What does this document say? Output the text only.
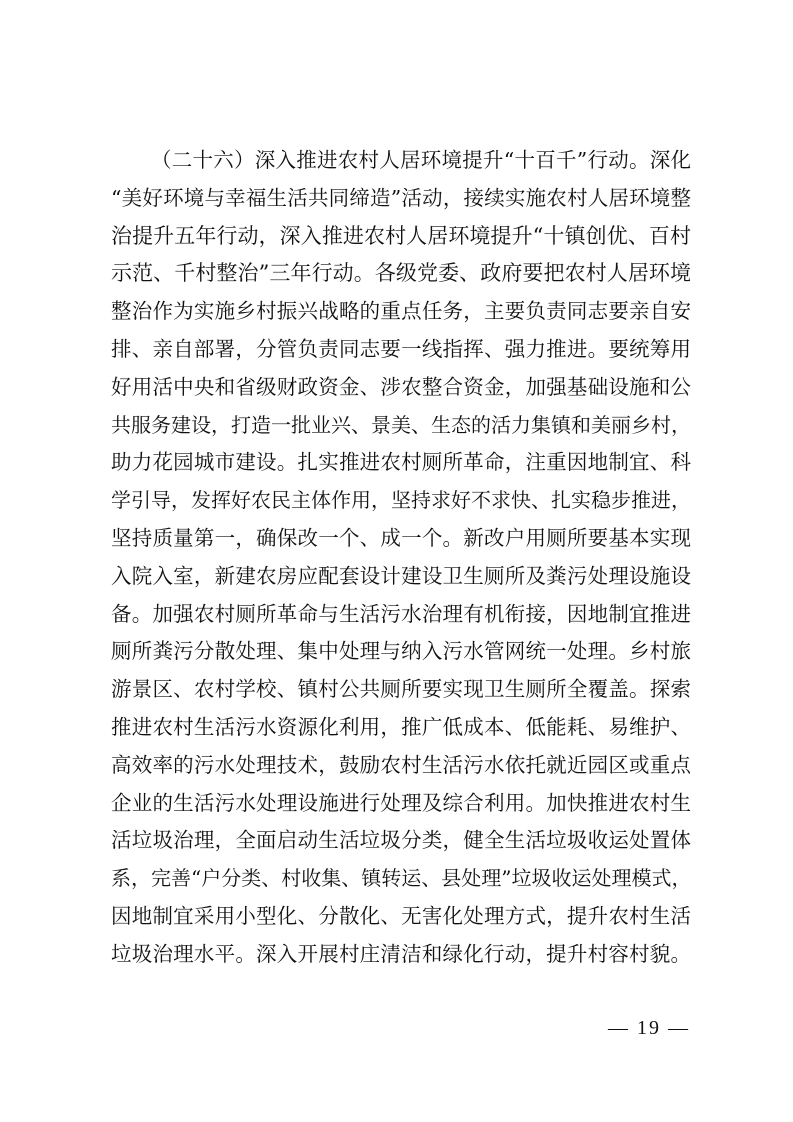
（二十六）深入推进农村人居环境提升“十百千”行动。深化
“美好环境与幸福生活共同缔造”活动，接续实施农村人居环境整
治提升五年行动，深入推进农村人居环境提升“十镇创优、百村
示范、千村整治”三年行动。各级党委、政府要把农村人居环境
整治作为实施乡村振兴战略的重点任务，主要负责同志要亲自安
排、亲自部署，分管负责同志要一线指挥、强力推进。要统筹用
好用活中央和省级财政资金、涉农整合资金，加强基础设施和公
共服务建设，打造一批业兴、景美、生态的活力集镇和美丽乡村，
助力花园城市建设。扎实推进农村厕所革命，注重因地制宜、科
学引导，发挥好农民主体作用，坚持求好不求快、扎实稳步推进，
坚持质量第一，确保改一个、成一个。新改户用厕所要基本实现
入院入室，新建农房应配套设计建设卫生厕所及粪污处理设施设
备。加强农村厕所革命与生活污水治理有机衔接，因地制宜推进
厕所粪污分散处理、集中处理与纳入污水管网统一处理。乡村旅
游景区、农村学校、镇村公共厕所要实现卫生厕所全覆盖。探索
推进农村生活污水资源化利用，推广低成本、低能耗、易维护、
高效率的污水处理技术，鼓励农村生活污水依托就近园区或重点
企业的生活污水处理设施进行处理及综合利用。加快推进农村生
活垃圾治理，全面启动生活垃圾分类，健全生活垃圾收运处置体
系，完善“户分类、村收集、镇转运、县处理”垃圾收运处理模式，
因地制宜采用小型化、分散化、无害化处理方式，提升农村生活
垃圾治理水平。深入开展村庄清洁和绿化行动，提升村容村貌。
— 19 —
